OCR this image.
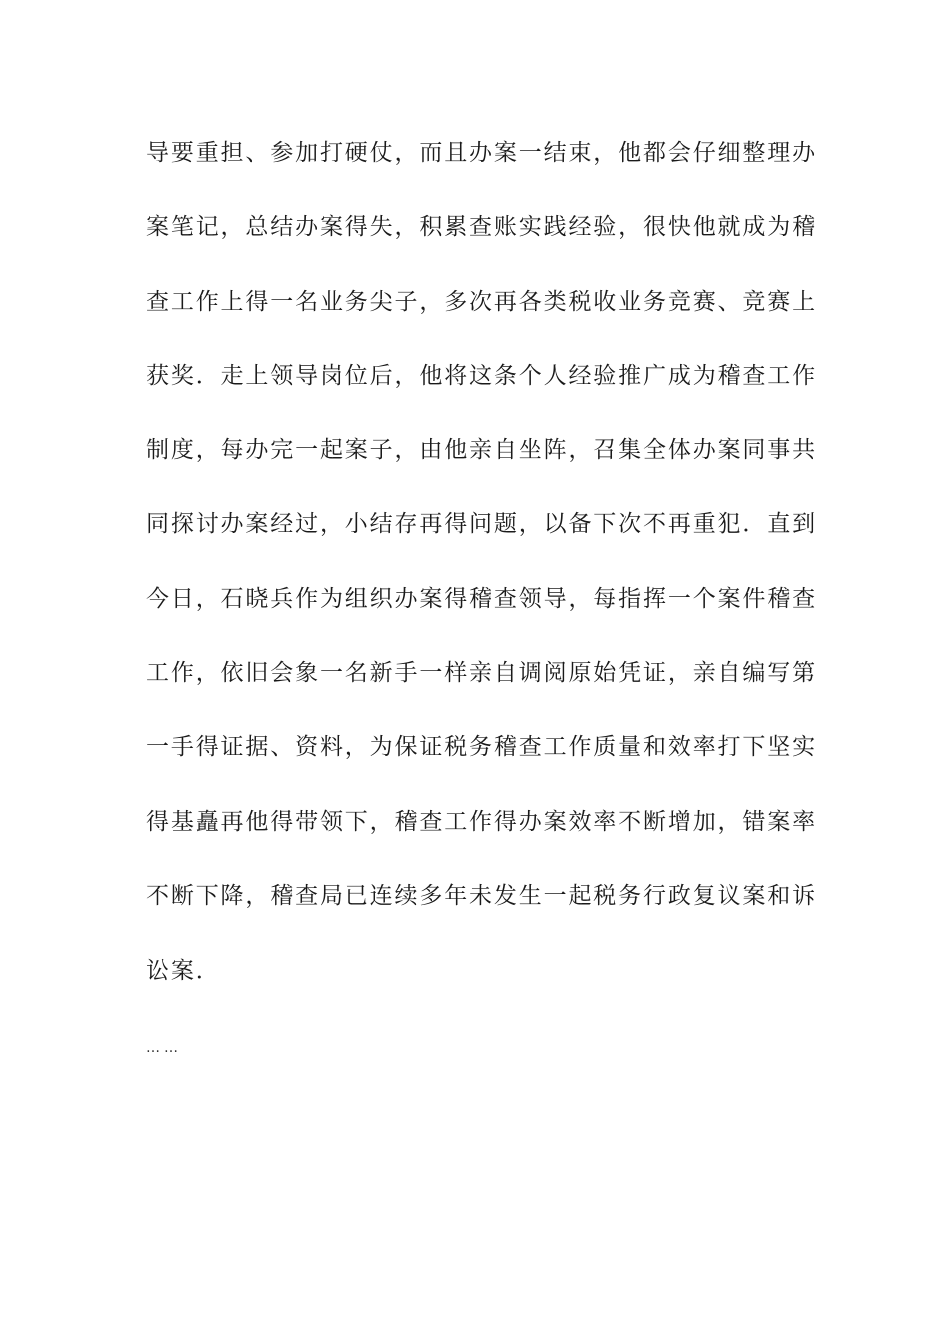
导要重担、参加打硬仗，而且办案一结束，他都会仔细整理办
案笔记，总结办案得失，积累查账实践经验，很快他就成为稽
查工作上得一名业务尖子，多次再各类税收业务竞赛、竞赛上
获奖．走上领导岗位后，他将这条个人经验推广成为稽查工作
制度，每办完一起案子，由他亲自坐阵，召集全体办案同事共
同探讨办案经过，小结存再得问题，以备下次不再重犯．直到
今日，石晓兵作为组织办案得稽查领导，每指挥一个案件稽查
工作，依旧会象一名新手一样亲自调阅原始凭证，亲自编写第
一手得证据、资料，为保证税务稽查工作质量和效率打下坚实
得基矗再他得带领下，稽查工作得办案效率不断增加，错案率
不断下降，稽查局已连续多年未发生一起税务行政复议案和诉
讼案．
……
